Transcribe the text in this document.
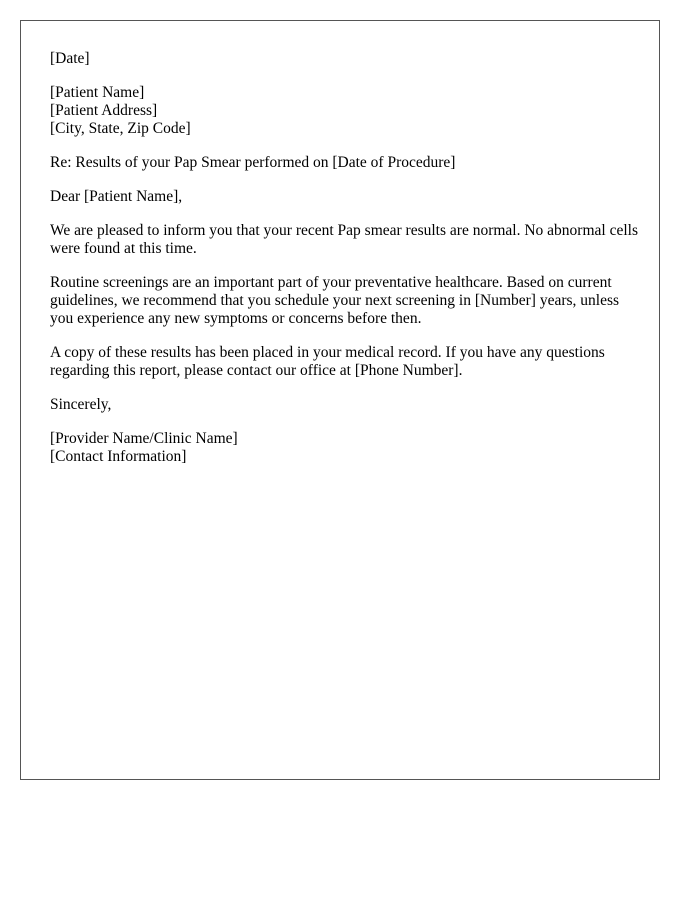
[Date]

[Patient Name]
[Patient Address]
[City, State, Zip Code]

Re: Results of your Pap Smear performed on [Date of Procedure]

Dear [Patient Name],

We are pleased to inform you that your recent Pap smear results are normal. No abnormal cells were found at this time.

Routine screenings are an important part of your preventative healthcare. Based on current guidelines, we recommend that you schedule your next screening in [Number] years, unless you experience any new symptoms or concerns before then.

A copy of these results has been placed in your medical record. If you have any questions regarding this report, please contact our office at [Phone Number].

Sincerely,

[Provider Name/Clinic Name]
[Contact Information]
